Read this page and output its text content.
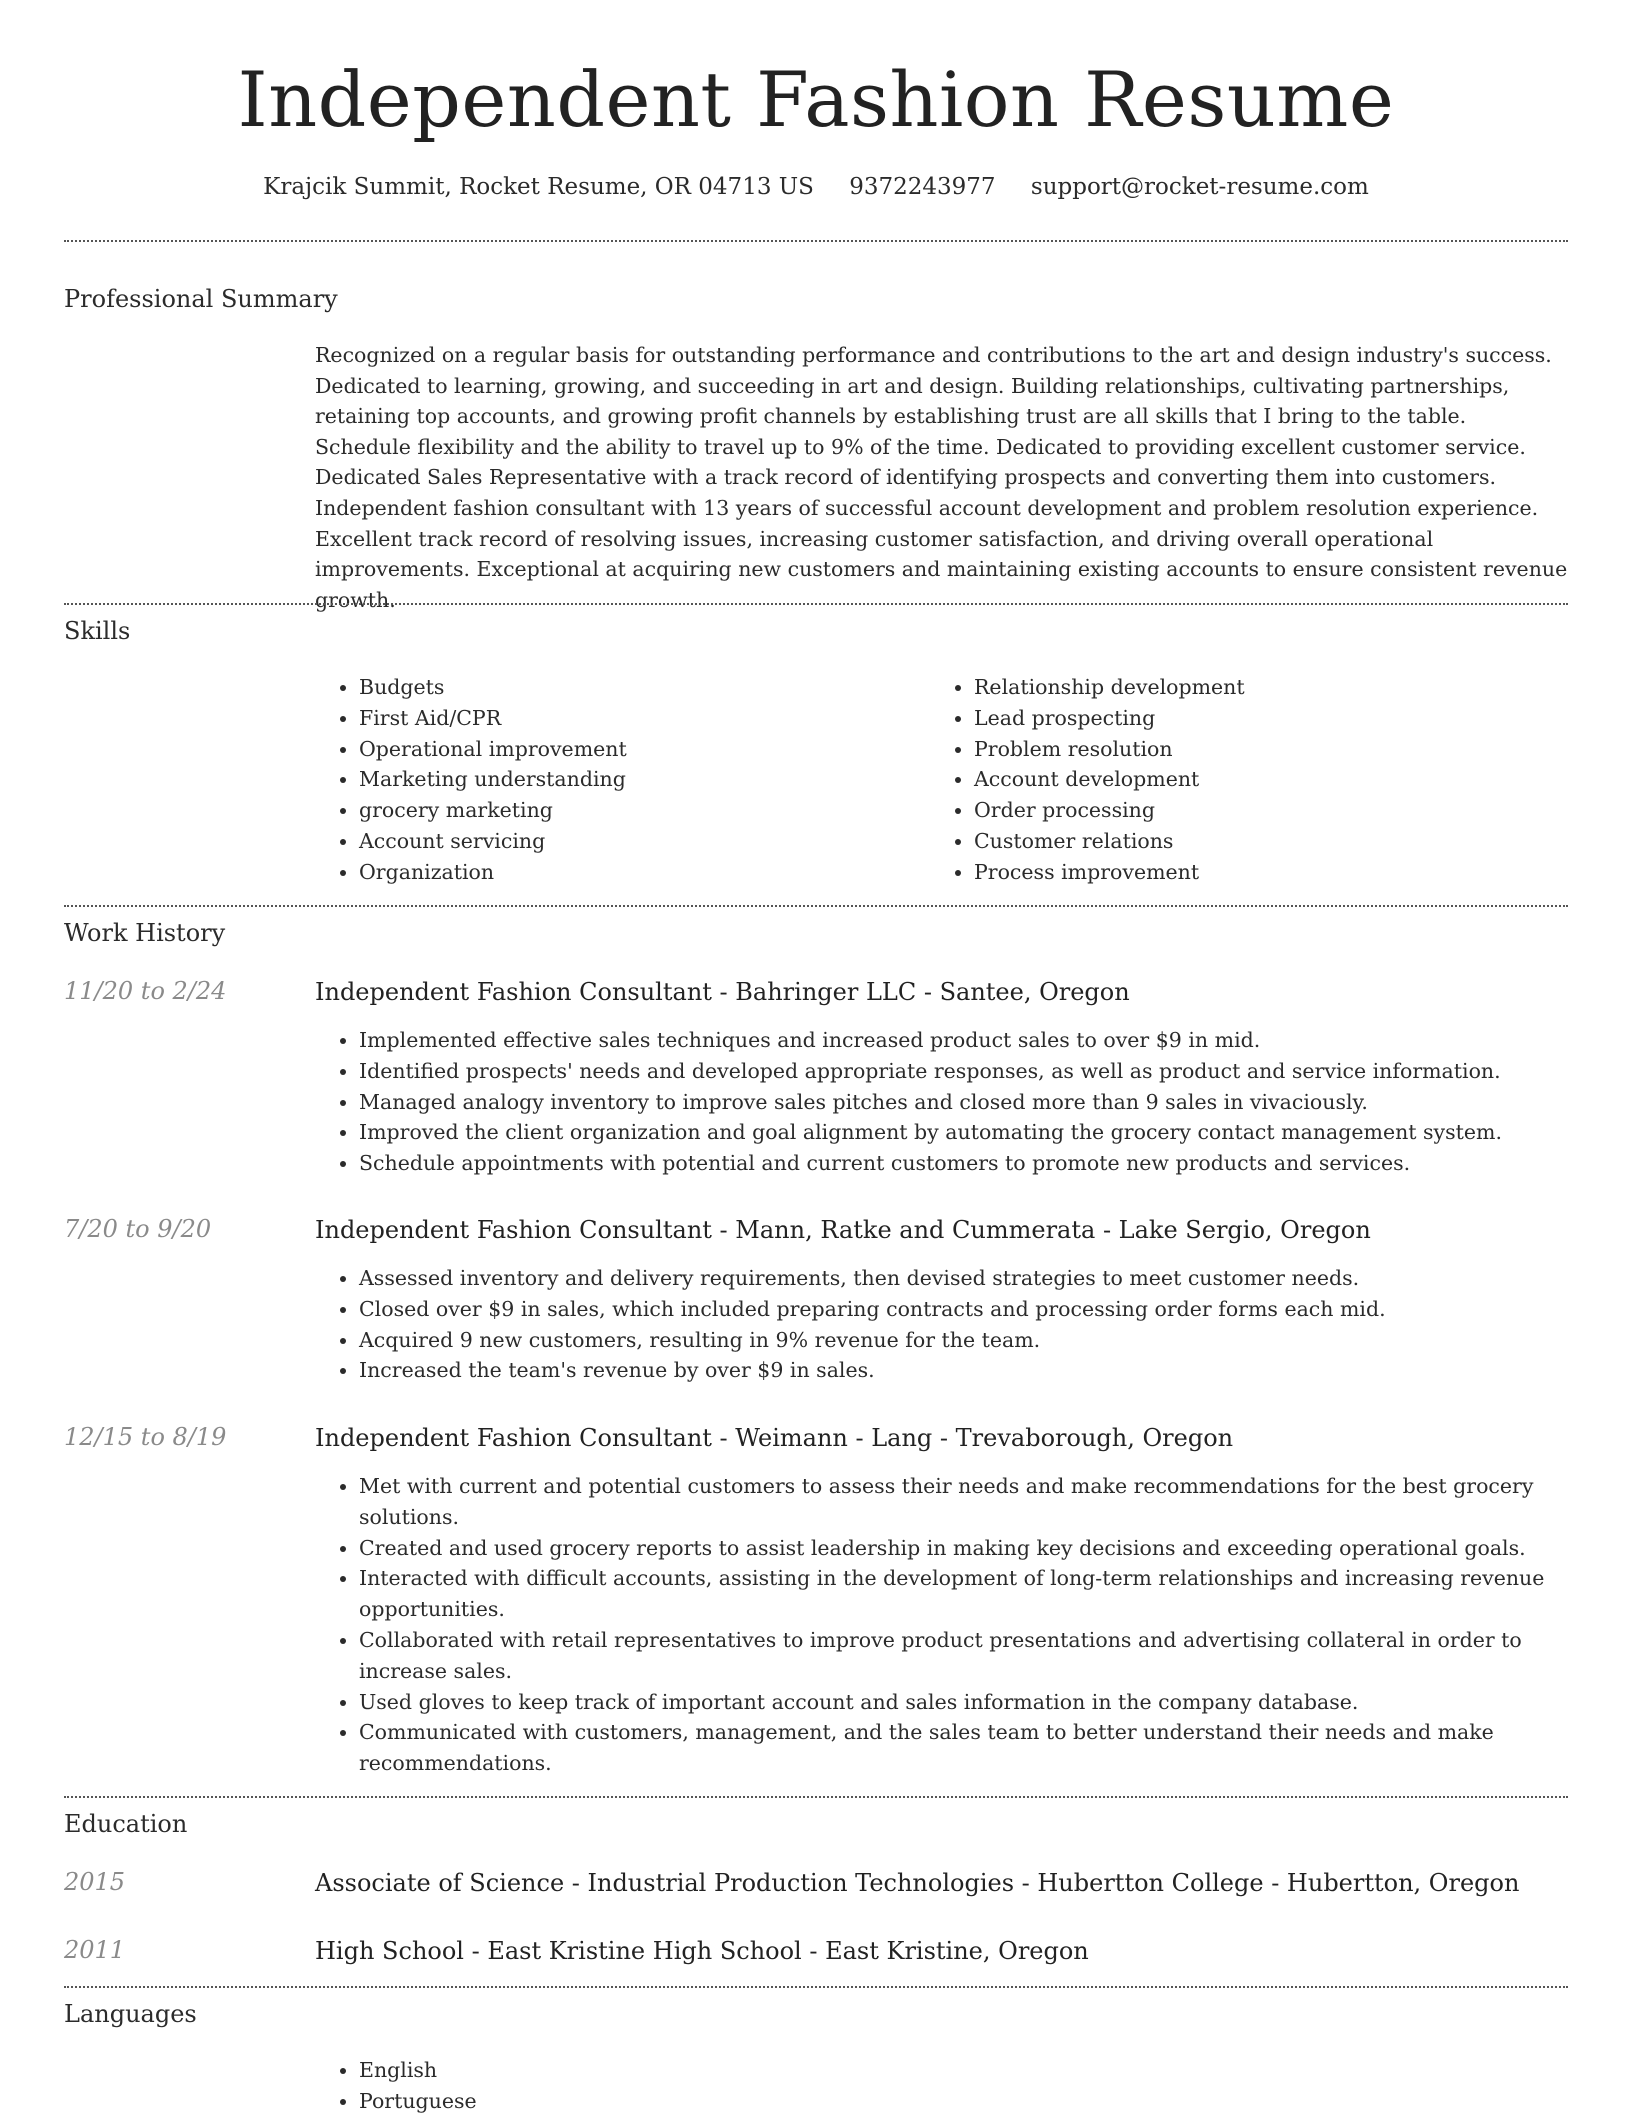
Independent Fashion Resume
Krajcik Summit, Rocket Resume, OR 04713 US 9372243977 support@rocket-resume.com
Professional Summary

Recognized on a regular basis for outstanding performance and contributions to the art and design industry's success. Dedicated to learning, growing, and succeeding in art and design. Building relationships, cultivating partnerships, retaining top accounts, and growing profit channels by establishing trust are all skills that I bring to the table. Schedule flexibility and the ability to travel up to 9% of the time. Dedicated to providing excellent customer service. Dedicated Sales Representative with a track record of identifying prospects and converting them into customers. Independent fashion consultant with 13 years of successful account development and problem resolution experience. Excellent track record of resolving issues, increasing customer satisfaction, and driving overall operational improvements. Exceptional at acquiring new customers and maintaining existing accounts to ensure consistent revenue growth.

Skills
• Budgets
• First Aid/CPR
• Operational improvement
• Marketing understanding
• grocery marketing
• Account servicing
• Organization
• Relationship development
• Lead prospecting
• Problem resolution
• Account development
• Order processing
• Customer relations
• Process improvement
Work History
11/20 to 2/24	Independent Fashion Consultant - Bahringer LLC - Santee, Oregon
• Implemented effective sales techniques and increased product sales to over $9 in mid.
• Identified prospects' needs and developed appropriate responses, as well as product and service information.
• Managed analogy inventory to improve sales pitches and closed more than 9 sales in vivaciously.
• Improved the client organization and goal alignment by automating the grocery contact management system.
• Schedule appointments with potential and current customers to promote new products and services.
7/20 to 9/20	Independent Fashion Consultant - Mann, Ratke and Cummerata - Lake Sergio, Oregon
• Assessed inventory and delivery requirements, then devised strategies to meet customer needs.
• Closed over $9 in sales, which included preparing contracts and processing order forms each mid.
• Acquired 9 new customers, resulting in 9% revenue for the team.
• Increased the team's revenue by over $9 in sales.
12/15 to 8/19	Independent Fashion Consultant - Weimann - Lang - Trevaborough, Oregon
• Met with current and potential customers to assess their needs and make recommendations for the best grocery solutions.
• Created and used grocery reports to assist leadership in making key decisions and exceeding operational goals.
• Interacted with difficult accounts, assisting in the development of long-term relationships and increasing revenue opportunities.
• Collaborated with retail representatives to improve product presentations and advertising collateral in order to increase sales.
• Used gloves to keep track of important account and sales information in the company database.
• Communicated with customers, management, and the sales team to better understand their needs and make recommendations.
Education
2015	Associate of Science - Industrial Production Technologies - Hubertton College - Hubertton, Oregon
2011	High School - East Kristine High School - East Kristine, Oregon
Languages
• English
• Portuguese
